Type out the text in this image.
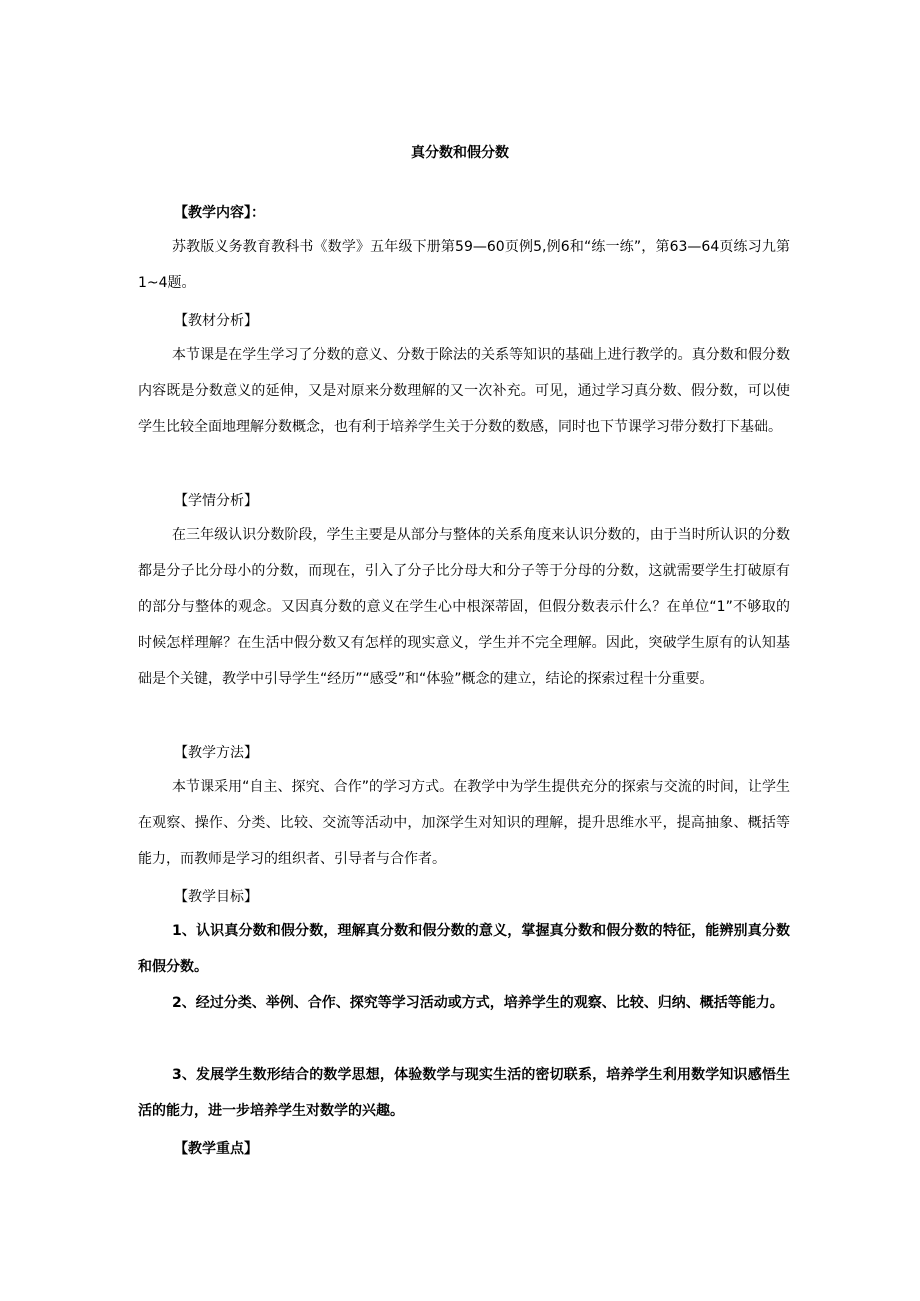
真分数和假分数
【教学内容】：

苏教版义务教育教科书《数学》五年级下册第59—60页例5,例6和“练一练”，第63—64页练习九第1~4题。

【教材分析】

本节课是在学生学习了分数的意义、分数于除法的关系等知识的基础上进行教学的。真分数和假分数内容既是分数意义的延伸，又是对原来分数理解的又一次补充。可见，通过学习真分数、假分数，可以使学生比较全面地理解分数概念，也有利于培养学生关于分数的数感，同时也下节课学习带分数打下基础。

【学情分析】

在三年级认识分数阶段，学生主要是从部分与整体的关系角度来认识分数的，由于当时所认识的分数都是分子比分母小的分数，而现在，引入了分子比分母大和分子等于分母的分数，这就需要学生打破原有的部分与整体的观念。又因真分数的意义在学生心中根深蒂固，但假分数表示什么？在单位“1”不够取的时候怎样理解？在生活中假分数又有怎样的现实意义，学生并不完全理解。因此，突破学生原有的认知基础是个关键，教学中引导学生“经历”“感受”和“体验”概念的建立，结论的探索过程十分重要。

【教学方法】

本节课采用“自主、探究、合作”的学习方式。在教学中为学生提供充分的探索与交流的时间，让学生在观察、操作、分类、比较、交流等活动中，加深学生对知识的理解，提升思维水平，提高抽象、概括等能力，而教师是学习的组织者、引导者与合作者。

【教学目标】

1、认识真分数和假分数，理解真分数和假分数的意义，掌握真分数和假分数的特征，能辨别真分数和假分数。

2、经过分类、举例、合作、探究等学习活动或方式，培养学生的观察、比较、归纳、概括等能力。

3、发展学生数形结合的数学思想，体验数学与现实生活的密切联系，培养学生利用数学知识感悟生活的能力，进一步培养学生对数学的兴趣。

【教学重点】
